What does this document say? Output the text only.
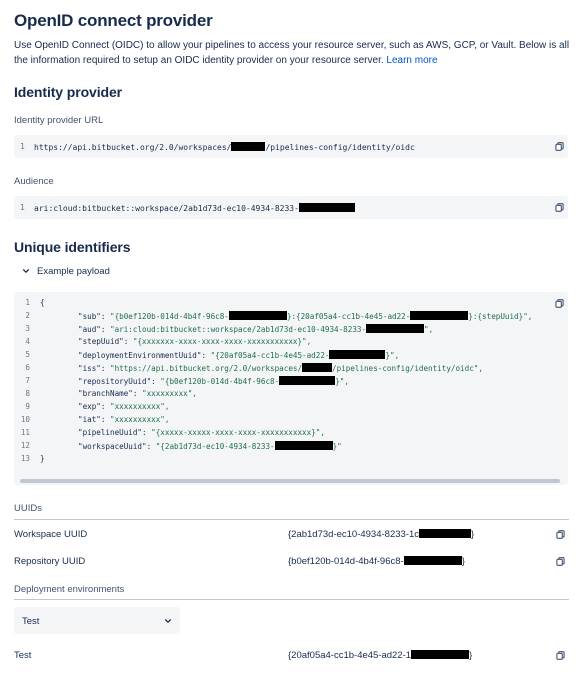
OpenID connect provider
Use OpenID Connect (OIDC) to allow your pipelines to access your resource server, such as AWS, GCP, or Vault. Below is all the information required to setup an OIDC identity provider on your resource server. Learn more
Identity provider
Identity provider URL
1 https://api.bitbucket.org/2.0/workspaces/	/pipelines-config/identity/oidc
Audience
1 ari:cloud:bitbucket::workspace/2ab1d73d-ec10-4934-8233-
Unique identifiers
Example payload
1 {
2	"sub": "{b0ef120b-014d-4b4f-96c8-	}:{20af05a4-cc1b-4e45-ad22-	}:{stepUuid}",
3	"aud": "ari:cloud:bitbucket::workspace/2ab1d73d-ec10-4934-8233-	",
4	"stepUuid": "{xxxxxxx-xxxx-xxxx-xxxx-xxxxxxxxxxx}",
5	"deploymentEnvironmentUuid": "{20af05a4-cc1b-4e45-ad22-	}",
6	"iss": "https://api.bitbucket.org/2.0/workspaces/	/pipelines-config/identity/oidc",
7	"repositoryUuid": "{b0ef120b-014d-4b4f-96c8-	}",
8	"branchName": "xxxxxxxxx",
9	"exp": "xxxxxxxxxx",
10	"iat": "xxxxxxxxxx",
11	"pipelineUuid": "{xxxxx-xxxxx-xxxx-xxxx-xxxxxxxxxxx}",
12	"workspaceUuid": "{2ab1d73d-ec10-4934-8233-	}"
13 }
UUIDs
Workspace UUID	{2ab1d73d-ec10-4934-8233-1c	}
Repository UUID	{b0ef120b-014d-4b4f-96c8-	}
Deployment environments
Test
Test	{20af05a4-cc1b-4e45-ad22-1	}
